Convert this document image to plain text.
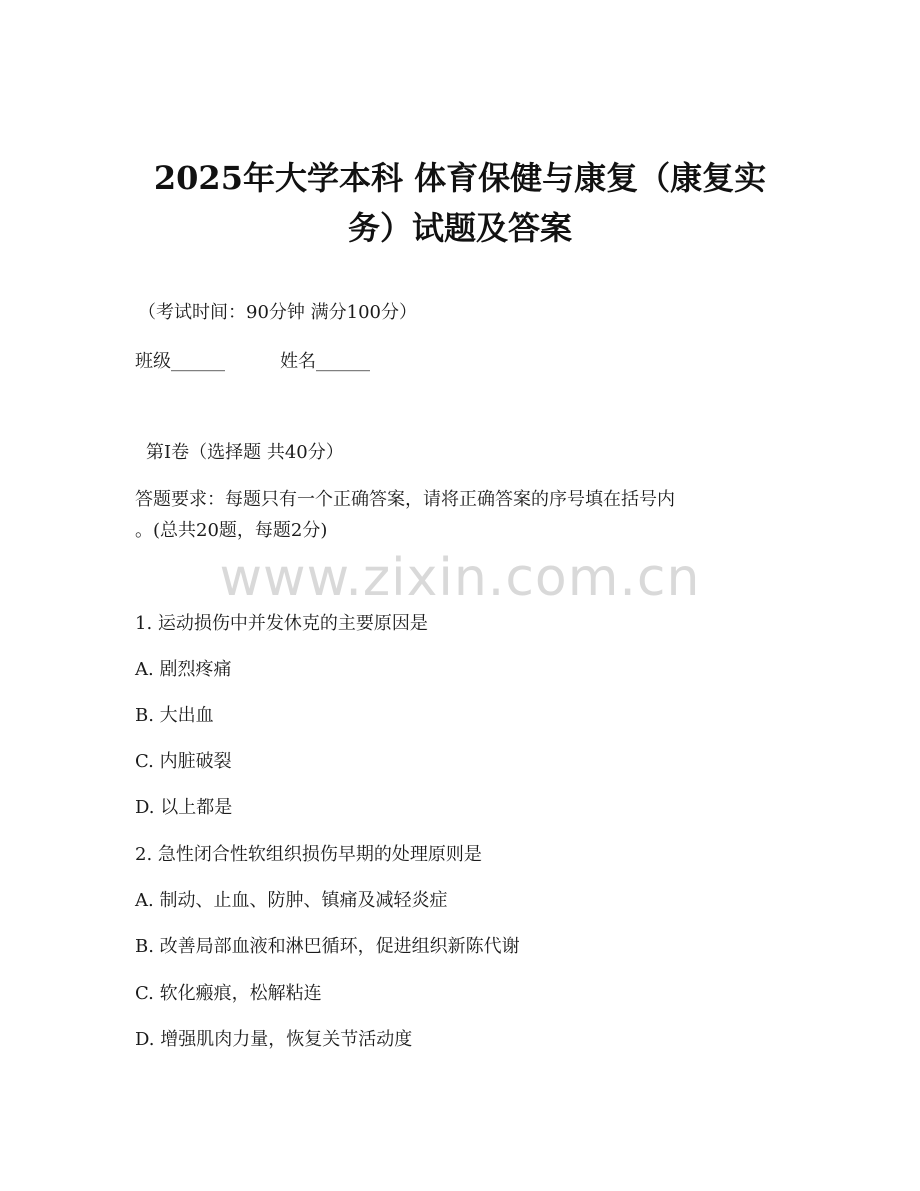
2025年大学本科 体育保健与康复（康复实
务）试题及答案
（考试时间：90分钟 满分100分）
班级______	姓名______
第Ⅰ卷（选择题 共40分）
答题要求：每题只有一个正确答案，请将正确答案的序号填在括号内
。(总共20题，每题2分)
www.zixin.com.cn
1. 运动损伤中并发休克的主要原因是
A. 剧烈疼痛
B. 大出血
C. 内脏破裂
D. 以上都是
2. 急性闭合性软组织损伤早期的处理原则是
A. 制动、止血、防肿、镇痛及减轻炎症
B. 改善局部血液和淋巴循环，促进组织新陈代谢
C. 软化瘢痕，松解粘连
D. 增强肌肉力量，恢复关节活动度
